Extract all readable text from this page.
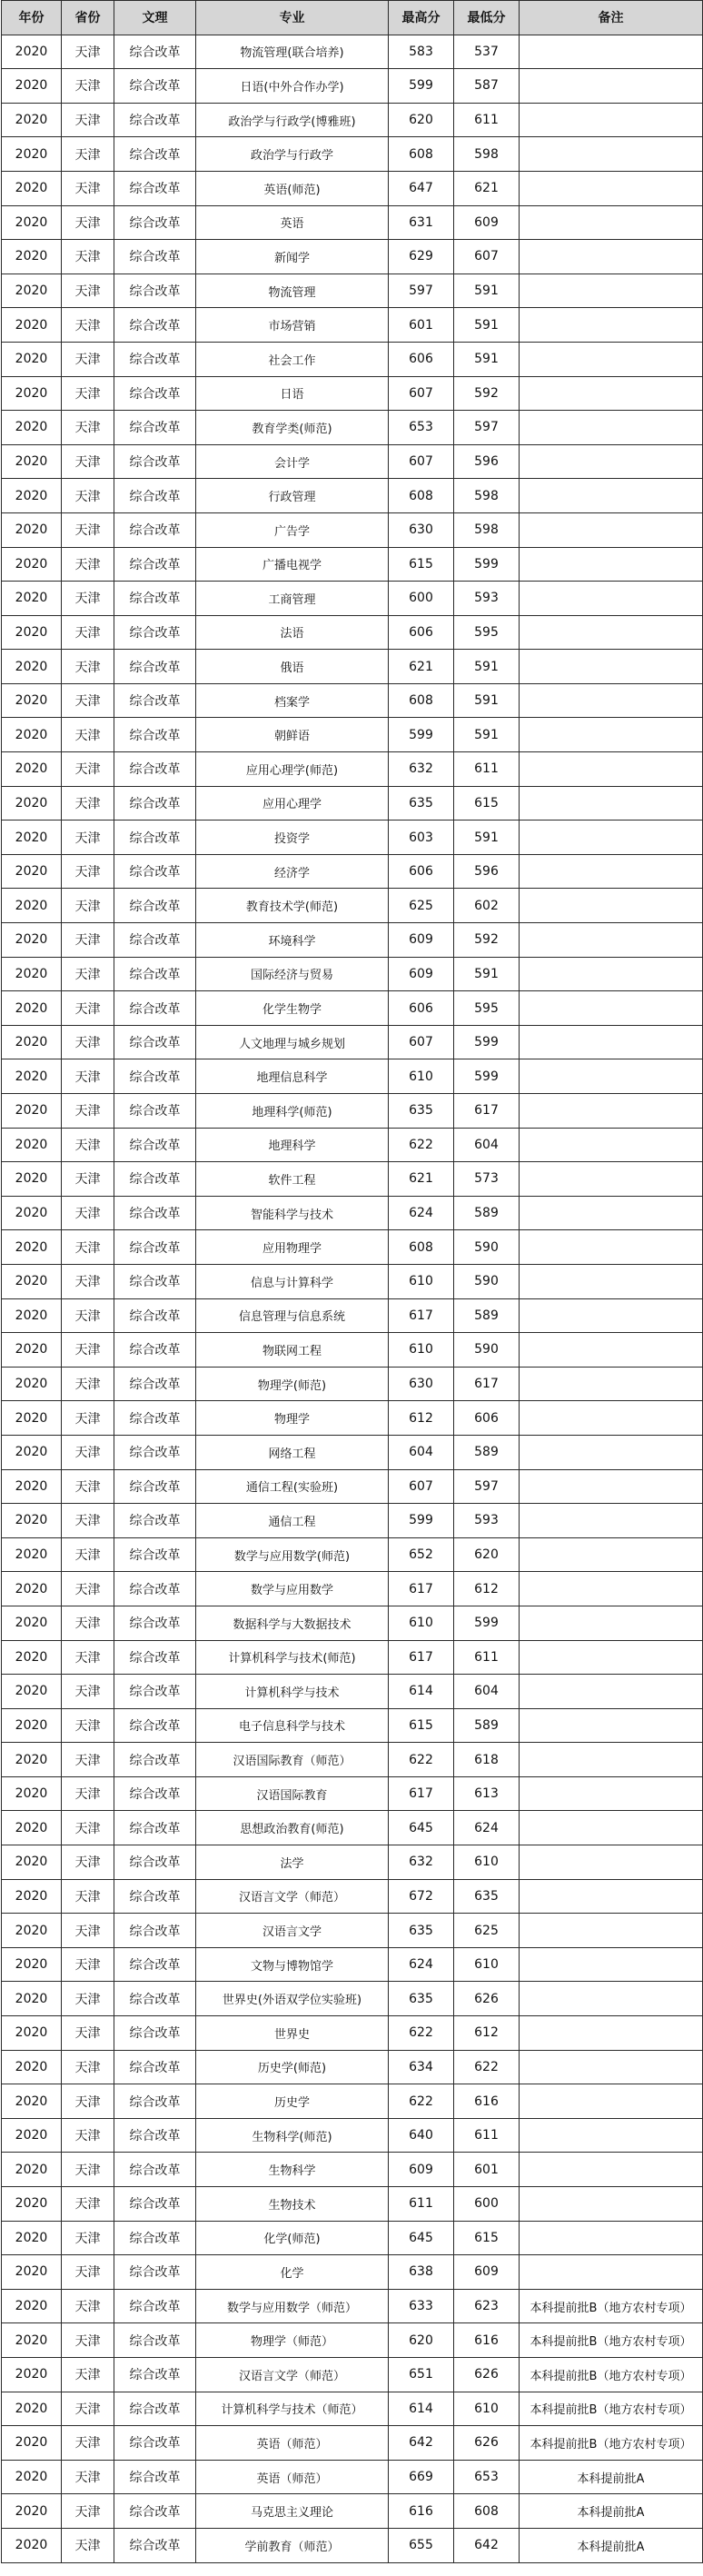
年份	省份	文理	专业	最高分	最低分	备注
2020	天津	综合改革	物流管理(联合培养)	583	537	
2020	天津	综合改革	日语(中外合作办学)	599	587	
2020	天津	综合改革	政治学与行政学(博雅班)	620	611	
2020	天津	综合改革	政治学与行政学	608	598	
2020	天津	综合改革	英语(师范)	647	621	
2020	天津	综合改革	英语	631	609	
2020	天津	综合改革	新闻学	629	607	
2020	天津	综合改革	物流管理	597	591	
2020	天津	综合改革	市场营销	601	591	
2020	天津	综合改革	社会工作	606	591	
2020	天津	综合改革	日语	607	592	
2020	天津	综合改革	教育学类(师范)	653	597	
2020	天津	综合改革	会计学	607	596	
2020	天津	综合改革	行政管理	608	598	
2020	天津	综合改革	广告学	630	598	
2020	天津	综合改革	广播电视学	615	599	
2020	天津	综合改革	工商管理	600	593	
2020	天津	综合改革	法语	606	595	
2020	天津	综合改革	俄语	621	591	
2020	天津	综合改革	档案学	608	591	
2020	天津	综合改革	朝鲜语	599	591	
2020	天津	综合改革	应用心理学(师范)	632	611	
2020	天津	综合改革	应用心理学	635	615	
2020	天津	综合改革	投资学	603	591	
2020	天津	综合改革	经济学	606	596	
2020	天津	综合改革	教育技术学(师范)	625	602	
2020	天津	综合改革	环境科学	609	592	
2020	天津	综合改革	国际经济与贸易	609	591	
2020	天津	综合改革	化学生物学	606	595	
2020	天津	综合改革	人文地理与城乡规划	607	599	
2020	天津	综合改革	地理信息科学	610	599	
2020	天津	综合改革	地理科学(师范)	635	617	
2020	天津	综合改革	地理科学	622	604	
2020	天津	综合改革	软件工程	621	573	
2020	天津	综合改革	智能科学与技术	624	589	
2020	天津	综合改革	应用物理学	608	590	
2020	天津	综合改革	信息与计算科学	610	590	
2020	天津	综合改革	信息管理与信息系统	617	589	
2020	天津	综合改革	物联网工程	610	590	
2020	天津	综合改革	物理学(师范)	630	617	
2020	天津	综合改革	物理学	612	606	
2020	天津	综合改革	网络工程	604	589	
2020	天津	综合改革	通信工程(实验班)	607	597	
2020	天津	综合改革	通信工程	599	593	
2020	天津	综合改革	数学与应用数学(师范)	652	620	
2020	天津	综合改革	数学与应用数学	617	612	
2020	天津	综合改革	数据科学与大数据技术	610	599	
2020	天津	综合改革	计算机科学与技术(师范)	617	611	
2020	天津	综合改革	计算机科学与技术	614	604	
2020	天津	综合改革	电子信息科学与技术	615	589	
2020	天津	综合改革	汉语国际教育（师范）	622	618	
2020	天津	综合改革	汉语国际教育	617	613	
2020	天津	综合改革	思想政治教育(师范)	645	624	
2020	天津	综合改革	法学	632	610	
2020	天津	综合改革	汉语言文学（师范）	672	635	
2020	天津	综合改革	汉语言文学	635	625	
2020	天津	综合改革	文物与博物馆学	624	610	
2020	天津	综合改革	世界史(外语双学位实验班)	635	626	
2020	天津	综合改革	世界史	622	612	
2020	天津	综合改革	历史学(师范)	634	622	
2020	天津	综合改革	历史学	622	616	
2020	天津	综合改革	生物科学(师范)	640	611	
2020	天津	综合改革	生物科学	609	601	
2020	天津	综合改革	生物技术	611	600	
2020	天津	综合改革	化学(师范)	645	615	
2020	天津	综合改革	化学	638	609	
2020	天津	综合改革	数学与应用数学（师范）	633	623	本科提前批B（地方农村专项）
2020	天津	综合改革	物理学（师范）	620	616	本科提前批B（地方农村专项）
2020	天津	综合改革	汉语言文学（师范）	651	626	本科提前批B（地方农村专项）
2020	天津	综合改革	计算机科学与技术（师范）	614	610	本科提前批B（地方农村专项）
2020	天津	综合改革	英语（师范）	642	626	本科提前批B（地方农村专项）
2020	天津	综合改革	英语（师范）	669	653	本科提前批A
2020	天津	综合改革	马克思主义理论	616	608	本科提前批A
2020	天津	综合改革	学前教育（师范）	655	642	本科提前批A
